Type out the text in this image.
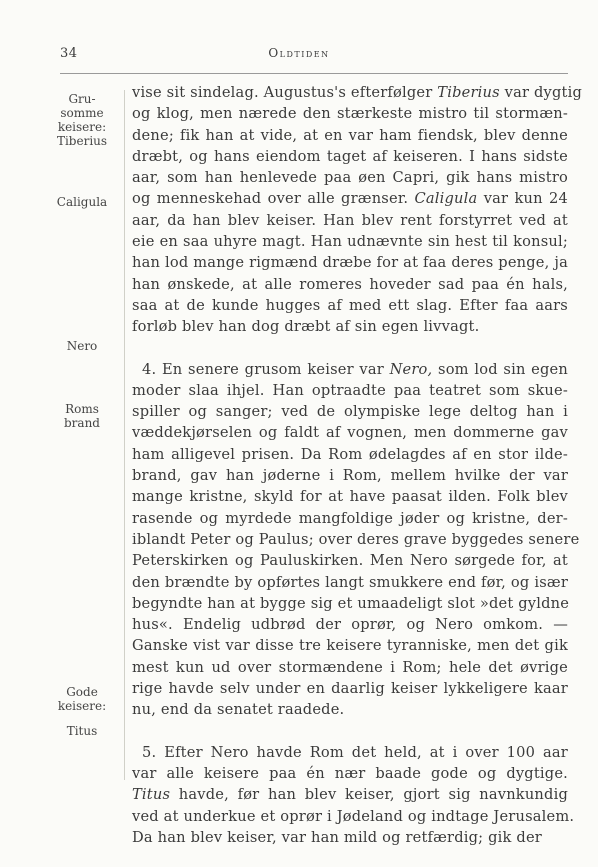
34	Oldtiden
Gru-
somme
keisere:
Tiberius
Caligula
Nero
Roms
brand
Gode
keisere:
Titus
vise sit sindelag. Augustus's efterfølger Tiberius var dygtig
og klog, men nærede den stærkeste mistro til stormæn-
dene; fik han at vide, at en var ham fiendsk, blev denne
dræbt, og hans eiendom taget af keiseren. I hans sidste
aar, som han henlevede paa øen Capri, gik hans mistro
og menneskehad over alle grænser. Caligula var kun 24
aar, da han blev keiser. Han blev rent forstyrret ved at
eie en saa uhyre magt. Han udnævnte sin hest til konsul;
han lod mange rigmænd dræbe for at faa deres penge, ja
han ønskede, at alle romeres hoveder sad paa én hals,
saa at de kunde hugges af med ett slag. Efter faa aars
forløb blev han dog dræbt af sin egen livvagt.
4. En senere grusom keiser var Nero, som lod sin egen
moder slaa ihjel. Han optraadte paa teatret som skue-
spiller og sanger; ved de olympiske lege deltog han i
væddekjørselen og faldt af vognen, men dommerne gav
ham alligevel prisen. Da Rom ødelagdes af en stor ilde-
brand, gav han jøderne i Rom, mellem hvilke der var
mange kristne, skyld for at have paasat ilden. Folk blev
rasende og myrdede mangfoldige jøder og kristne, der-
iblandt Peter og Paulus; over deres grave byggedes senere
Peterskirken og Pauluskirken. Men Nero sørgede for, at
den brændte by opførtes langt smukkere end før, og især
begyndte han at bygge sig et umaadeligt slot »det gyldne
hus«. Endelig udbrød der oprør, og Nero omkom. —
Ganske vist var disse tre keisere tyranniske, men det gik
mest kun ud over stormændene i Rom; hele det øvrige
rige havde selv under en daarlig keiser lykkeligere kaar
nu, end da senatet raadede.
5. Efter Nero havde Rom det held, at i over 100 aar
var alle keisere paa én nær baade gode og dygtige.
Titus havde, før han blev keiser, gjort sig navnkundig
ved at underkue et oprør i Jødeland og indtage Jerusalem.
Da han blev keiser, var han mild og retfærdig; gik der
